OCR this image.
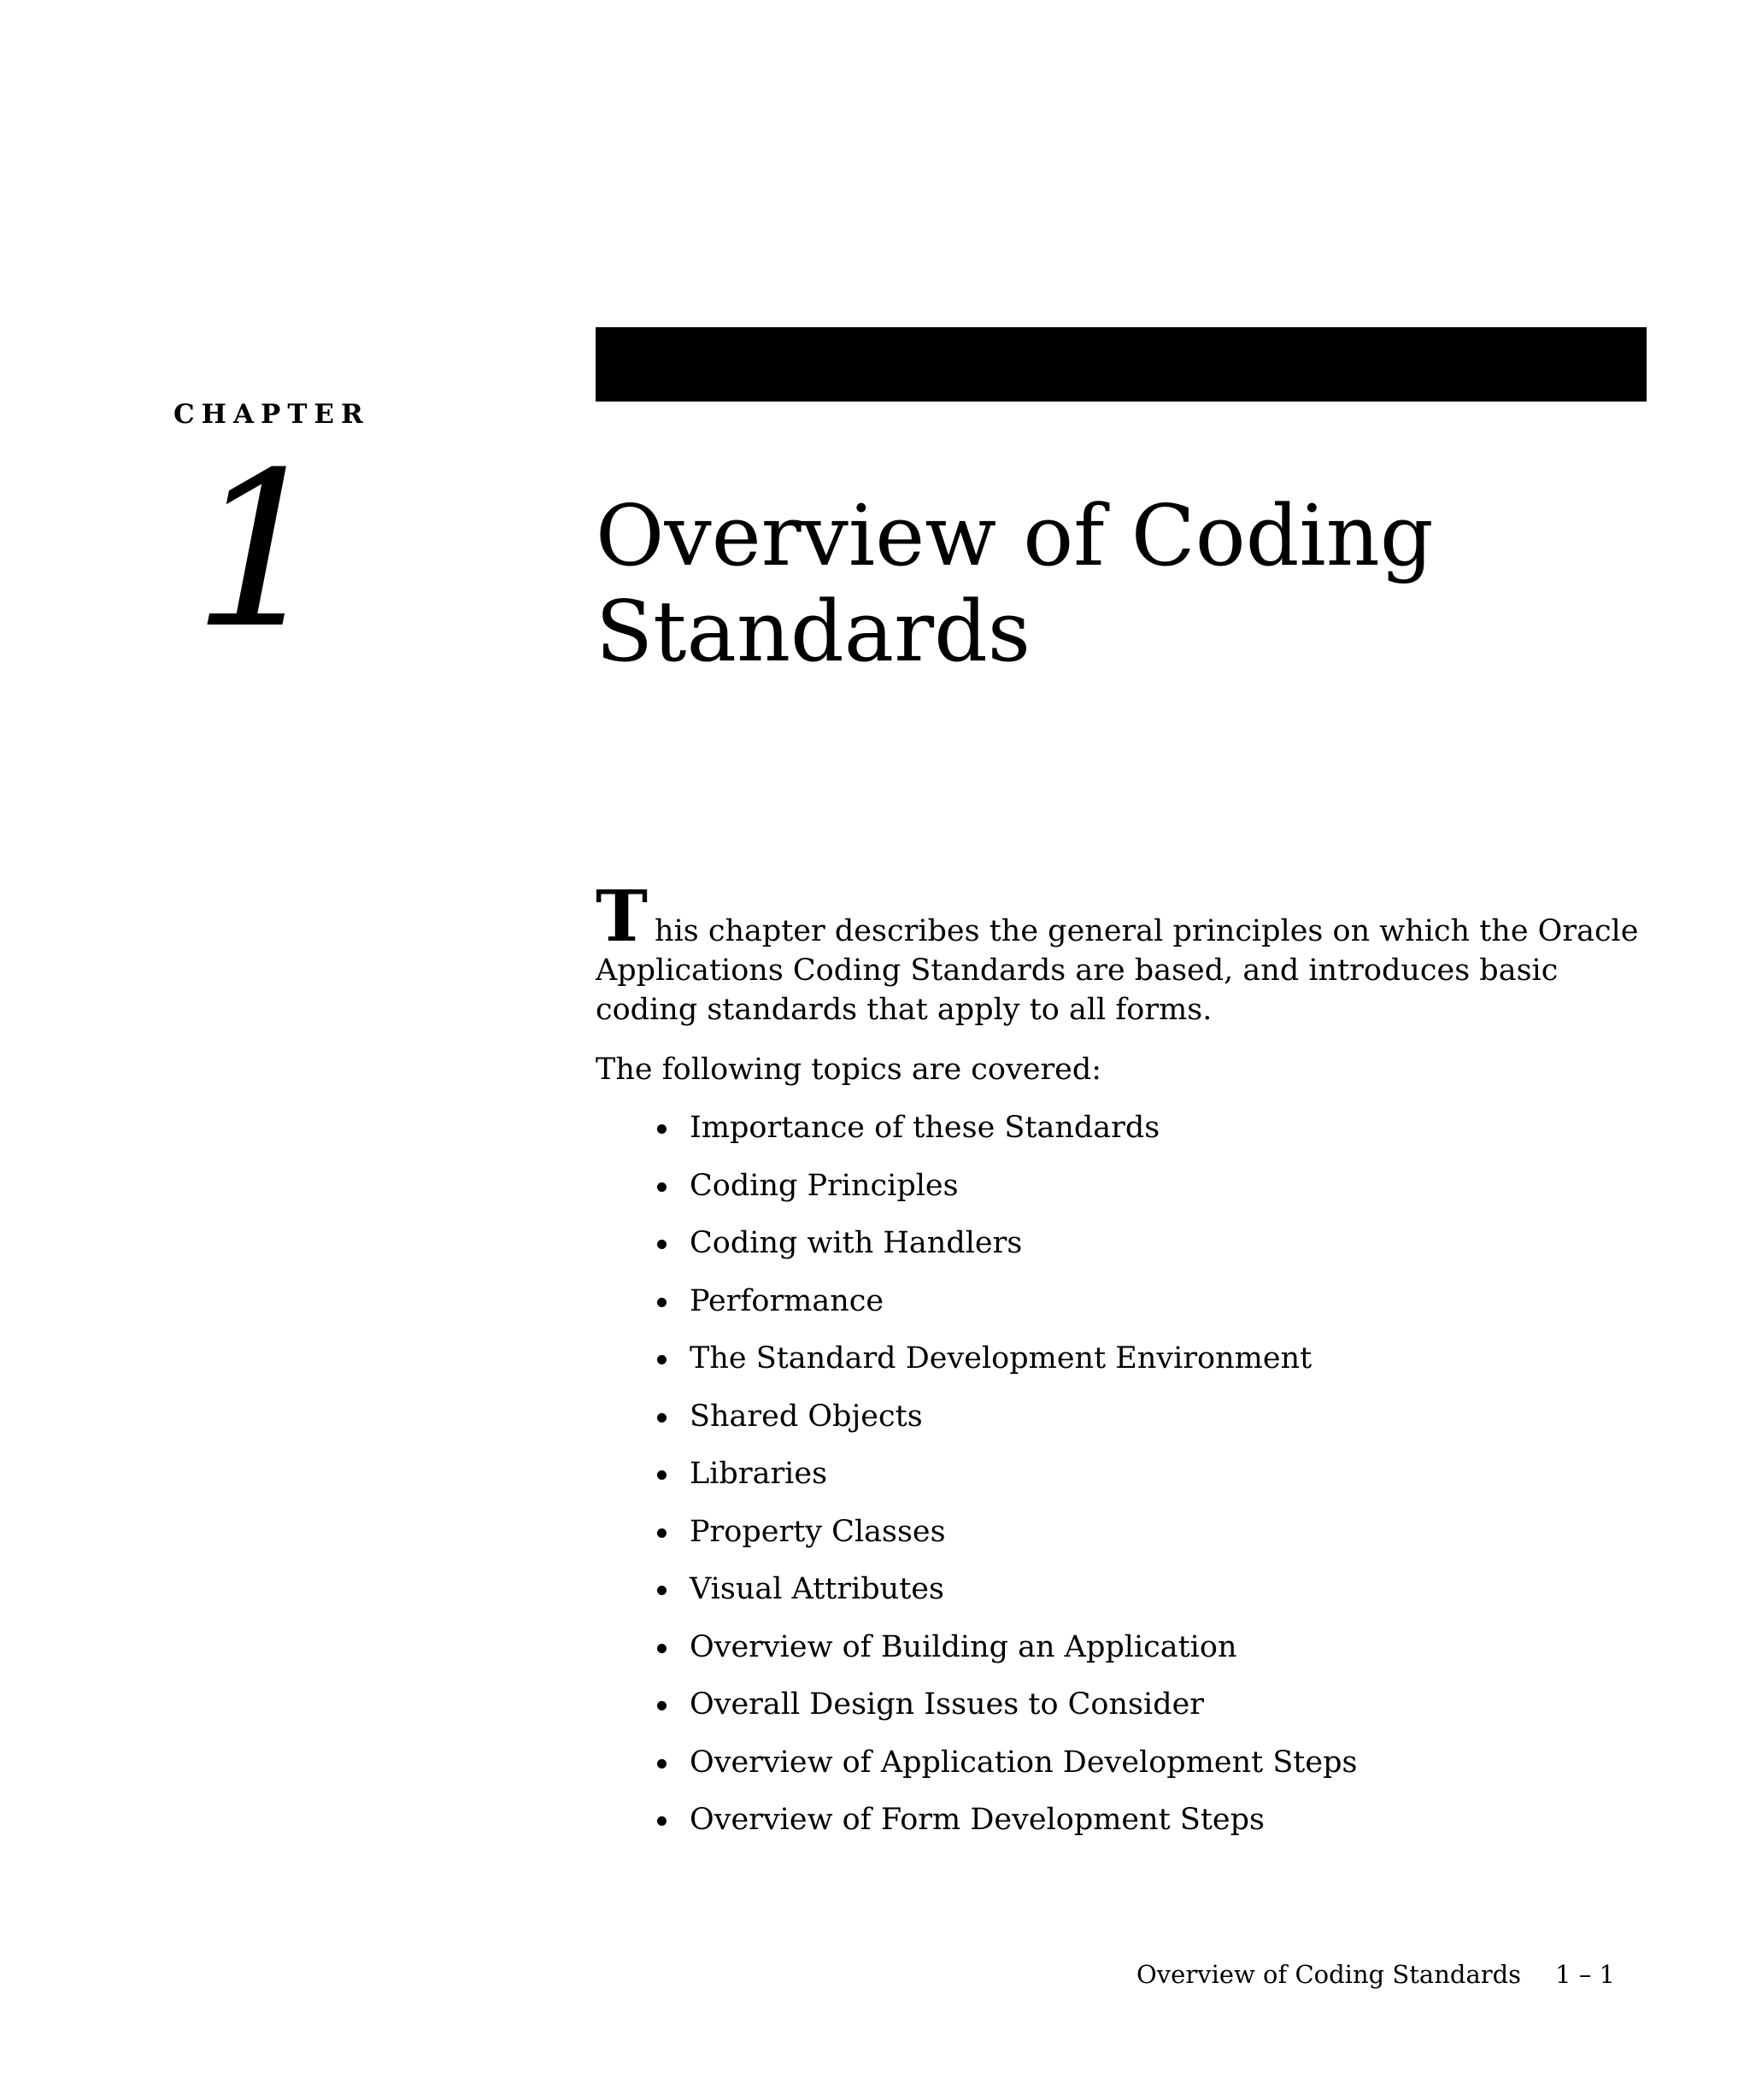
CHAPTER
1	Overview of Coding Standards

This chapter describes the general principles on which the Oracle Applications Coding Standards are based, and introduces basic coding standards that apply to all forms.

The following topics are covered:

Importance of these Standards
Coding Principles
Coding with Handlers
Performance
The Standard Development Environment
Shared Objects
Libraries
Property Classes
Visual Attributes
Overview of Building an Application
Overall Design Issues to Consider
Overview of Application Development Steps
Overview of Form Development Steps
Overview of Coding Standards 1 – 1
